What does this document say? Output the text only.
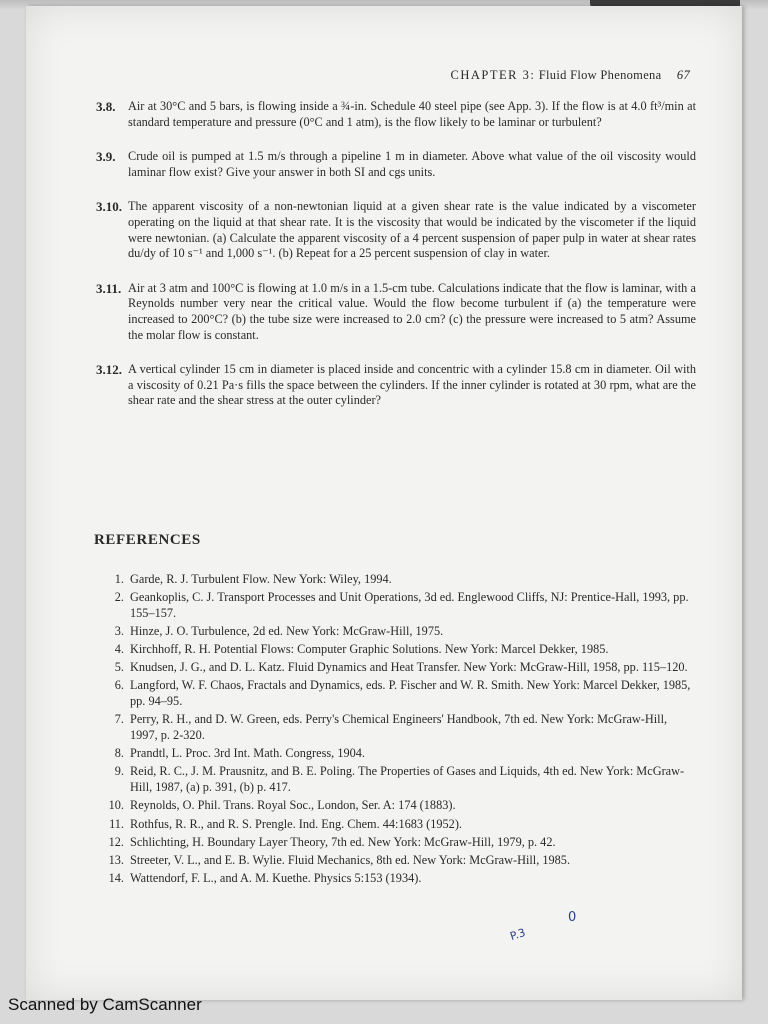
CHAPTER 3: Fluid Flow Phenomena 67
3.8. Air at 30°C and 5 bars, is flowing inside a ¾-in. Schedule 40 steel pipe (see App. 3). If the flow is at 4.0 ft³/min at standard temperature and pressure (0°C and 1 atm), is the flow likely to be laminar or turbulent?
3.9. Crude oil is pumped at 1.5 m/s through a pipeline 1 m in diameter. Above what value of the oil viscosity would laminar flow exist? Give your answer in both SI and cgs units.
3.10. The apparent viscosity of a non-newtonian liquid at a given shear rate is the value indicated by a viscometer operating on the liquid at that shear rate. It is the viscosity that would be indicated by the viscometer if the liquid were newtonian. (a) Calculate the apparent viscosity of a 4 percent suspension of paper pulp in water at shear rates du/dy of 10 s⁻¹ and 1,000 s⁻¹. (b) Repeat for a 25 percent suspension of clay in water.
3.11. Air at 3 atm and 100°C is flowing at 1.0 m/s in a 1.5-cm tube. Calculations indicate that the flow is laminar, with a Reynolds number very near the critical value. Would the flow become turbulent if (a) the temperature were increased to 200°C? (b) the tube size were increased to 2.0 cm? (c) the pressure were increased to 5 atm? Assume the molar flow is constant.
3.12. A vertical cylinder 15 cm in diameter is placed inside and concentric with a cylinder 15.8 cm in diameter. Oil with a viscosity of 0.21 Pa·s fills the space between the cylinders. If the inner cylinder is rotated at 30 rpm, what are the shear rate and the shear stress at the outer cylinder?
REFERENCES
1. Garde, R. J. Turbulent Flow. New York: Wiley, 1994.
2. Geankoplis, C. J. Transport Processes and Unit Operations, 3d ed. Englewood Cliffs, NJ: Prentice-Hall, 1993, pp. 155–157.
3. Hinze, J. O. Turbulence, 2d ed. New York: McGraw-Hill, 1975.
4. Kirchhoff, R. H. Potential Flows: Computer Graphic Solutions. New York: Marcel Dekker, 1985.
5. Knudsen, J. G., and D. L. Katz. Fluid Dynamics and Heat Transfer. New York: McGraw-Hill, 1958, pp. 115–120.
6. Langford, W. F. Chaos, Fractals and Dynamics, eds. P. Fischer and W. R. Smith. New York: Marcel Dekker, 1985, pp. 94–95.
7. Perry, R. H., and D. W. Green, eds. Perry's Chemical Engineers' Handbook, 7th ed. New York: McGraw-Hill, 1997, p. 2-320.
8. Prandtl, L. Proc. 3rd Int. Math. Congress, 1904.
9. Reid, R. C., J. M. Prausnitz, and B. E. Poling. The Properties of Gases and Liquids, 4th ed. New York: McGraw-Hill, 1987, (a) p. 391, (b) p. 417.
10. Reynolds, O. Phil. Trans. Royal Soc., London, Ser. A: 174 (1883).
11. Rothfus, R. R., and R. S. Prengle. Ind. Eng. Chem. 44:1683 (1952).
12. Schlichting, H. Boundary Layer Theory, 7th ed. New York: McGraw-Hill, 1979, p. 42.
13. Streeter, V. L., and E. B. Wylie. Fluid Mechanics, 8th ed. New York: McGraw-Hill, 1985.
14. Wattendorf, F. L., and A. M. Kuethe. Physics 5:153 (1934).
P.3
0
Scanned by CamScanner
